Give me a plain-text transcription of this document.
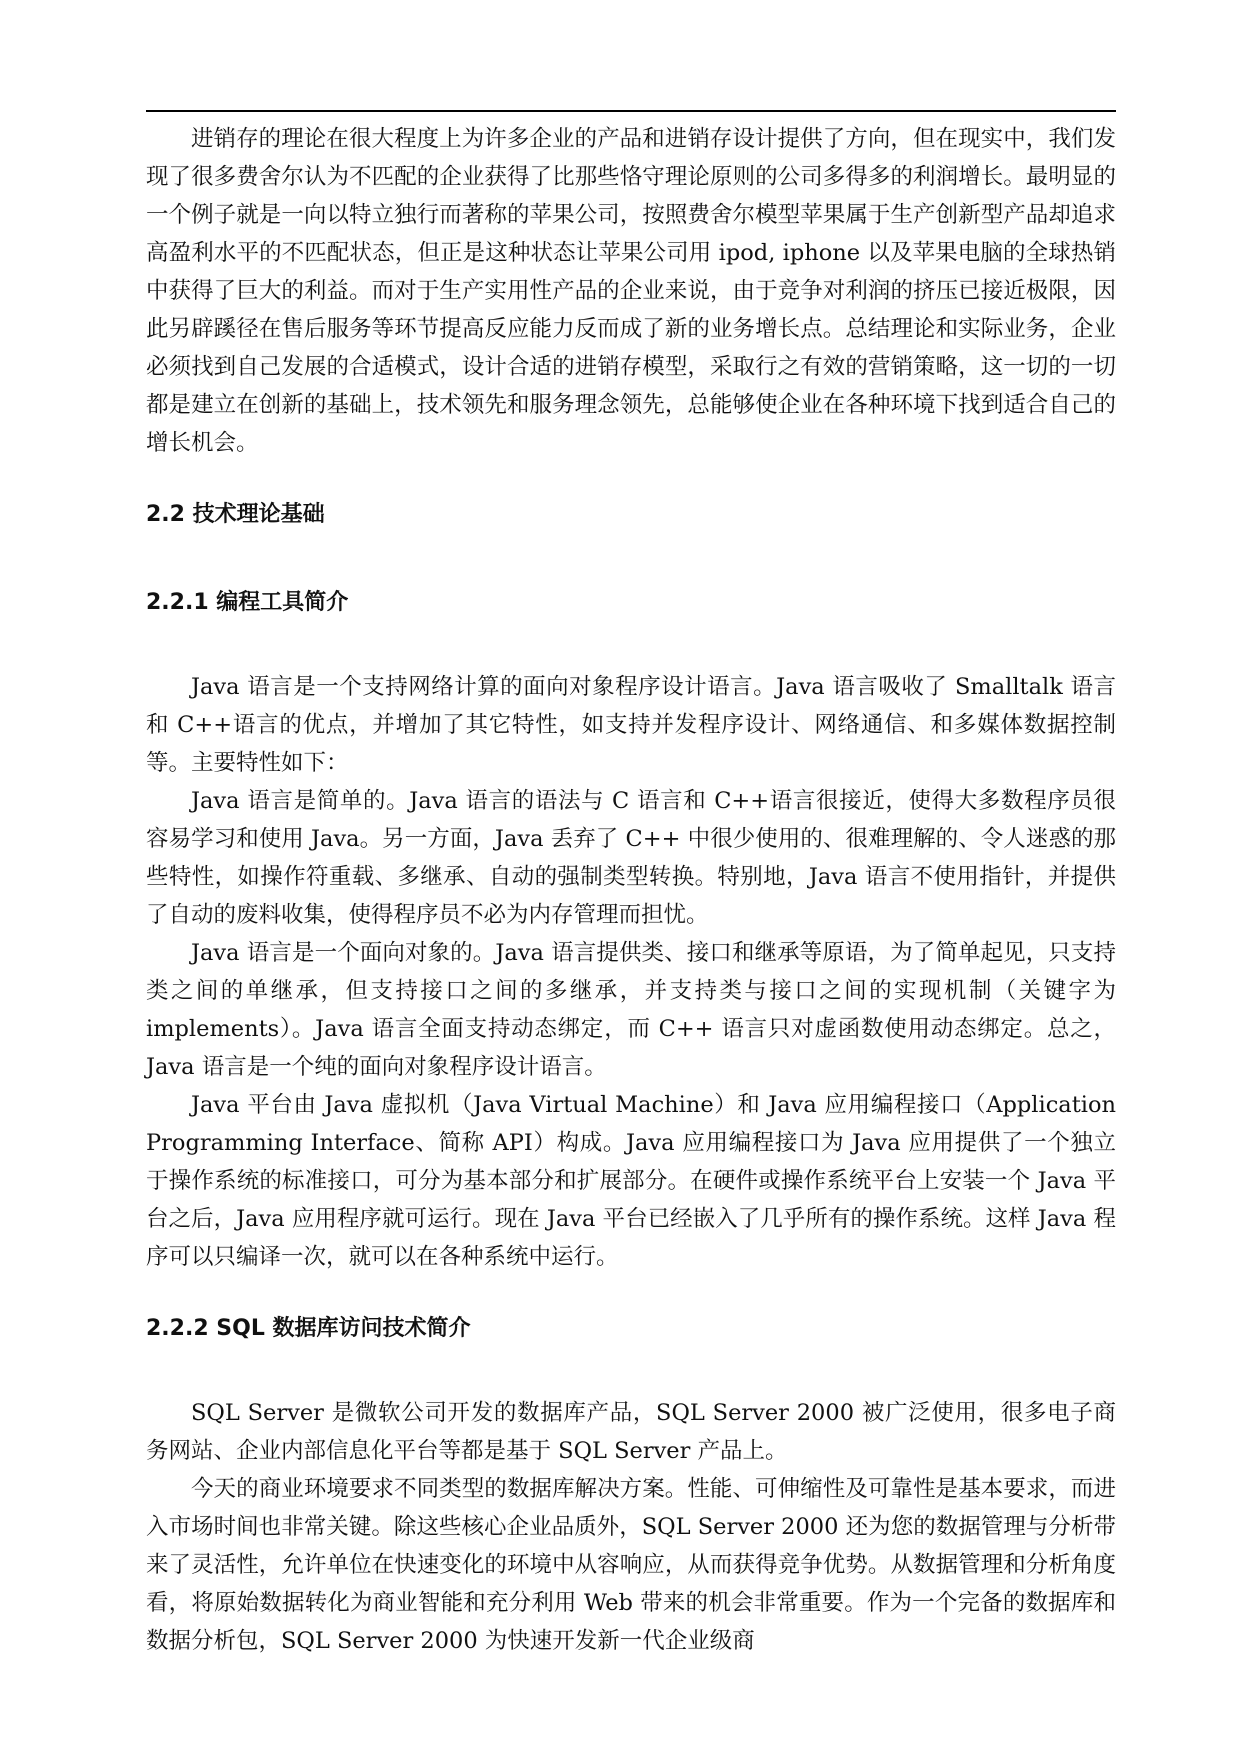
进销存的理论在很大程度上为许多企业的产品和进销存设计提供了方向，但在现实中，我们发现了很多费舍尔认为不匹配的企业获得了比那些恪守理论原则的公司多得多的利润增长。最明显的一个例子就是一向以特立独行而著称的苹果公司，按照费舍尔模型苹果属于生产创新型产品却追求高盈利水平的不匹配状态，但正是这种状态让苹果公司用 ipod, iphone 以及苹果电脑的全球热销中获得了巨大的利益。而对于生产实用性产品的企业来说，由于竞争对利润的挤压已接近极限，因此另辟蹊径在售后服务等环节提高反应能力反而成了新的业务增长点。总结理论和实际业务，企业必须找到自己发展的合适模式，设计合适的进销存模型，采取行之有效的营销策略，这一切的一切都是建立在创新的基础上，技术领先和服务理念领先，总能够使企业在各种环境下找到适合自己的增长机会。

2.2 技术理论基础
2.2.1 编程工具简介

Java 语言是一个支持网络计算的面向对象程序设计语言。Java 语言吸收了 Smalltalk 语言和 C++语言的优点，并增加了其它特性，如支持并发程序设计、网络通信、和多媒体数据控制等。主要特性如下：

Java 语言是简单的。Java 语言的语法与 C 语言和 C++语言很接近，使得大多数程序员很容易学习和使用 Java。另一方面，Java 丢弃了 C++ 中很少使用的、很难理解的、令人迷惑的那些特性，如操作符重载、多继承、自动的强制类型转换。特别地，Java 语言不使用指针，并提供了自动的废料收集，使得程序员不必为内存管理而担忧。

Java 语言是一个面向对象的。Java 语言提供类、接口和继承等原语，为了简单起见，只支持类之间的单继承，但支持接口之间的多继承，并支持类与接口之间的实现机制（关键字为 implements）。Java 语言全面支持动态绑定，而 C++ 语言只对虚函数使用动态绑定。总之，Java 语言是一个纯的面向对象程序设计语言。

Java 平台由 Java 虚拟机（Java Virtual Machine）和 Java 应用编程接口（Application Programming Interface、简称 API）构成。Java 应用编程接口为 Java 应用提供了一个独立于操作系统的标准接口，可分为基本部分和扩展部分。在硬件或操作系统平台上安装一个 Java 平台之后，Java 应用程序就可运行。现在 Java 平台已经嵌入了几乎所有的操作系统。这样 Java 程序可以只编译一次，就可以在各种系统中运行。

2.2.2 SQL 数据库访问技术简介

SQL Server 是微软公司开发的数据库产品，SQL Server 2000 被广泛使用，很多电子商务网站、企业内部信息化平台等都是基于 SQL Server 产品上。

今天的商业环境要求不同类型的数据库解决方案。性能、可伸缩性及可靠性是基本要求，而进入市场时间也非常关键。除这些核心企业品质外，SQL Server 2000 还为您的数据管理与分析带来了灵活性，允许单位在快速变化的环境中从容响应，从而获得竞争优势。从数据管理和分析角度看，将原始数据转化为商业智能和充分利用 Web 带来的机会非常重要。作为一个完备的数据库和数据分析包，SQL Server 2000 为快速开发新一代企业级商
